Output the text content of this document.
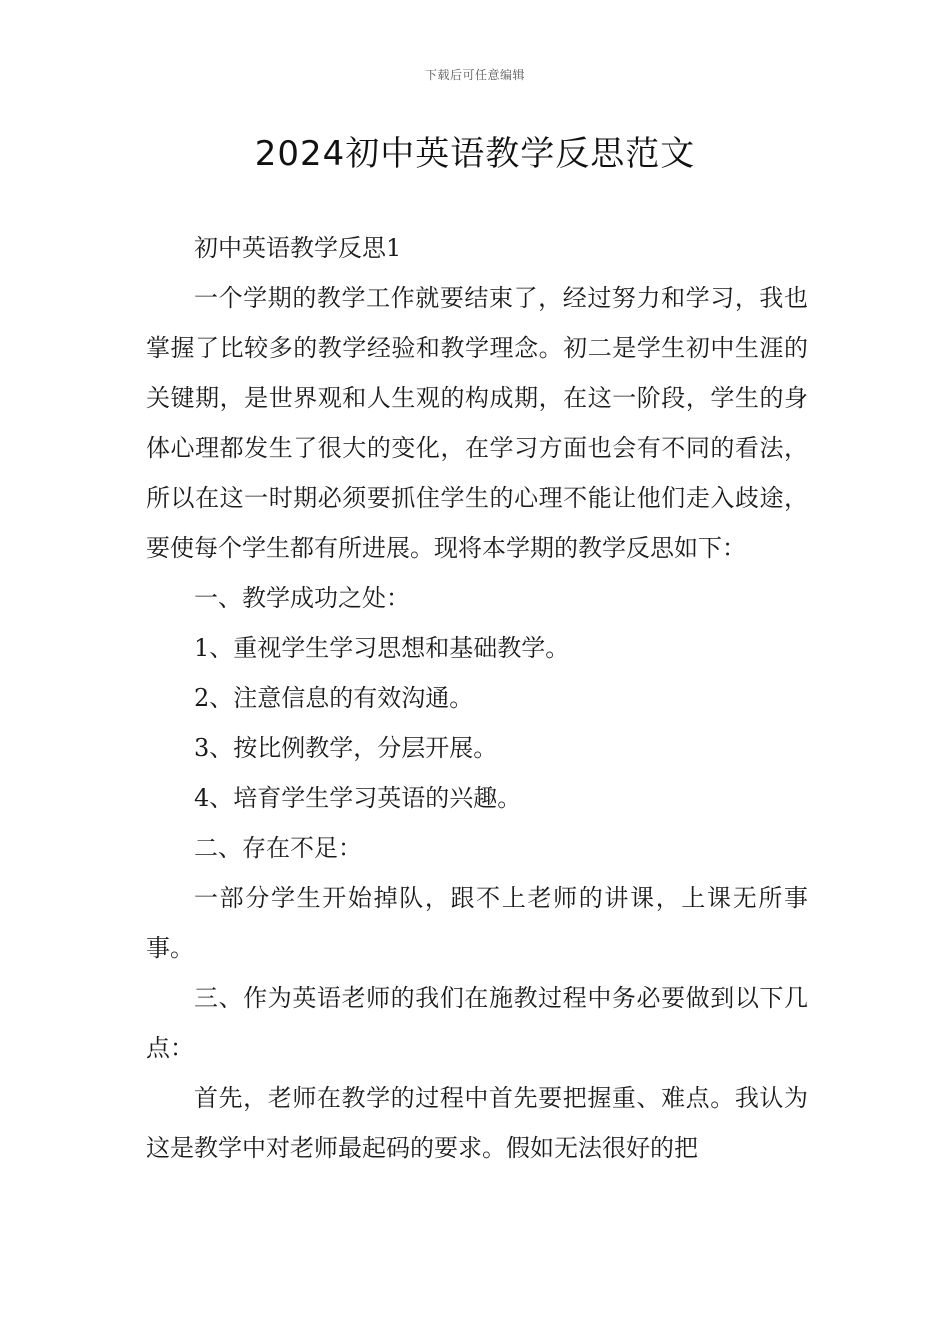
下载后可任意编辑
2024初中英语教学反思范文

初中英语教学反思1

一个学期的教学工作就要结束了，经过努力和学习，我也掌握了比较多的教学经验和教学理念。初二是学生初中生涯的关键期，是世界观和人生观的构成期，在这一阶段，学生的身体心理都发生了很大的变化，在学习方面也会有不同的看法，所以在这一时期必须要抓住学生的心理不能让他们走入歧途，要使每个学生都有所进展。现将本学期的教学反思如下：

一、教学成功之处：

1、重视学生学习思想和基础教学。

2、注意信息的有效沟通。

3、按比例教学，分层开展。

4、培育学生学习英语的兴趣。

二、存在不足：

一部分学生开始掉队，跟不上老师的讲课，上课无所事事。

三、作为英语老师的我们在施教过程中务必要做到以下几点：

首先，老师在教学的过程中首先要把握重、难点。我认为这是教学中对老师最起码的要求。假如无法很好的把
